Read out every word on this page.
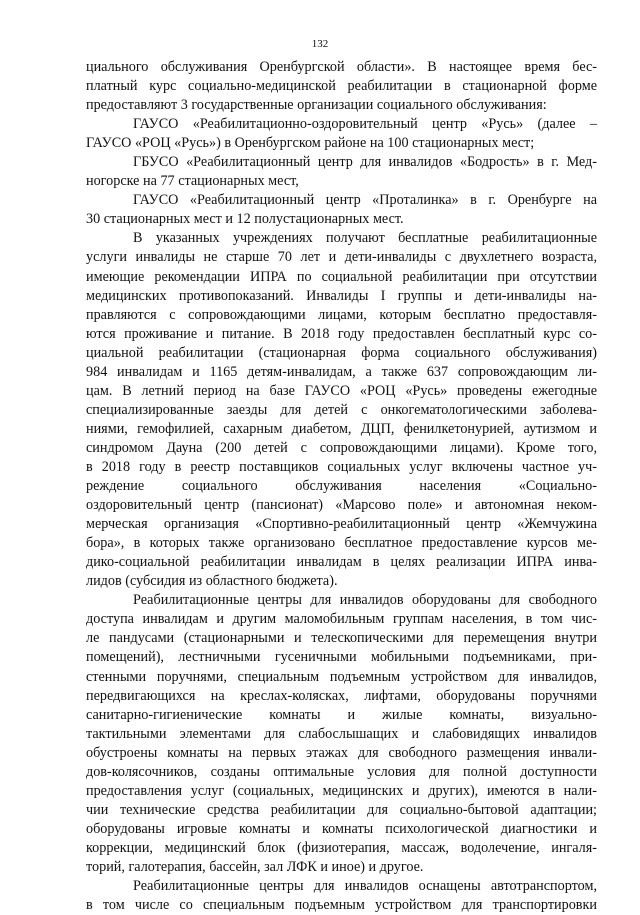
132
циального обслуживания Оренбургской области». В настоящее время бес-
платный курс социально-медицинской реабилитации в стационарной форме
предоставляют 3 государственные организации социального обслуживания:
ГАУСО «Реабилитационно-оздоровительный центр «Русь» (далее –
ГАУСО «РОЦ «Русь») в Оренбургском районе на 100 стационарных мест;
ГБУСО «Реабилитационный центр для инвалидов «Бодрость» в г. Мед-
ногорске на 77 стационарных мест,
ГАУСО «Реабилитационный центр «Проталинка» в г. Оренбурге на
30 стационарных мест и 12 полустационарных мест.
В указанных учреждениях получают бесплатные реабилитационные
услуги инвалиды не старше 70 лет и дети-инвалиды с двухлетнего возраста,
имеющие рекомендации ИПРА по социальной реабилитации при отсутствии
медицинских противопоказаний. Инвалиды I группы и дети-инвалиды на-
правляются с сопровождающими лицами, которым бесплатно предоставля-
ются проживание и питание. В 2018 году предоставлен бесплатный курс со-
циальной реабилитации (стационарная форма социального обслуживания)
984 инвалидам и 1165 детям-инвалидам, а также 637 сопровождающим ли-
цам. В летний период на базе ГАУСО «РОЦ «Русь» проведены ежегодные
специализированные заезды для детей с онкогематологическими заболева-
ниями, гемофилией, сахарным диабетом, ДЦП, фенилкетонурией, аутизмом и
синдромом Дауна (200 детей с сопровождающими лицами). Кроме того,
в 2018 году в реестр поставщиков социальных услуг включены частное уч-
реждение социального обслуживания населения «Социально-
оздоровительный центр (пансионат) «Марсово поле» и автономная неком-
мерческая организация «Спортивно-реабилитационный центр «Жемчужина
бора», в которых также организовано бесплатное предоставление курсов ме-
дико-социальной реабилитации инвалидам в целях реализации ИПРА инва-
лидов (субсидия из областного бюджета).
Реабилитационные центры для инвалидов оборудованы для свободного
доступа инвалидам и другим маломобильным группам населения, в том чис-
ле пандусами (стационарными и телескопическими для перемещения внутри
помещений), лестничными гусеничными мобильными подъемниками, при-
стенными поручнями, специальным подъемным устройством для инвалидов,
передвигающихся на креслах-колясках, лифтами, оборудованы поручнями
санитарно-гигиенические комнаты и жилые комнаты, визуально-
тактильными элементами для слабослышащих и слабовидящих инвалидов
обустроены комнаты на первых этажах для свободного размещения инвали-
дов-колясочников, созданы оптимальные условия для полной доступности
предоставления услуг (социальных, медицинских и других), имеются в нали-
чии технические средства реабилитации для социально-бытовой адаптации;
оборудованы игровые комнаты и комнаты психологической диагностики и
коррекции, медицинский блок (физиотерапия, массаж, водолечение, ингаля-
торий, галотерапия, бассейн, зал ЛФК и иное) и другое.
Реабилитационные центры для инвалидов оснащены автотранспортом,
в том числе со специальным подъемным устройством для транспортировки
